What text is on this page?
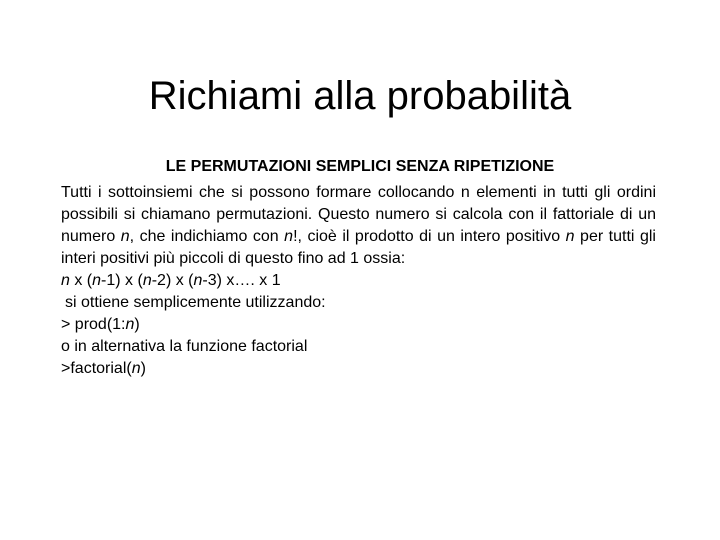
Richiami alla probabilità

LE PERMUTAZIONI SEMPLICI SENZA RIPETIZIONE

Tutti i sottoinsiemi che si possono formare collocando n elementi in tutti gli ordini possibili si chiamano permutazioni. Questo numero si calcola con il fattoriale di un numero n, che indichiamo con n!, cioè il prodotto di un intero positivo n per tutti gli interi positivi più piccoli di questo fino ad 1 ossia:

n x (n-1) x (n-2) x (n-3) x…. x 1

si ottiene semplicemente utilizzando:

> prod(1:n)

o in alternativa la funzione factorial

>factorial(n)
